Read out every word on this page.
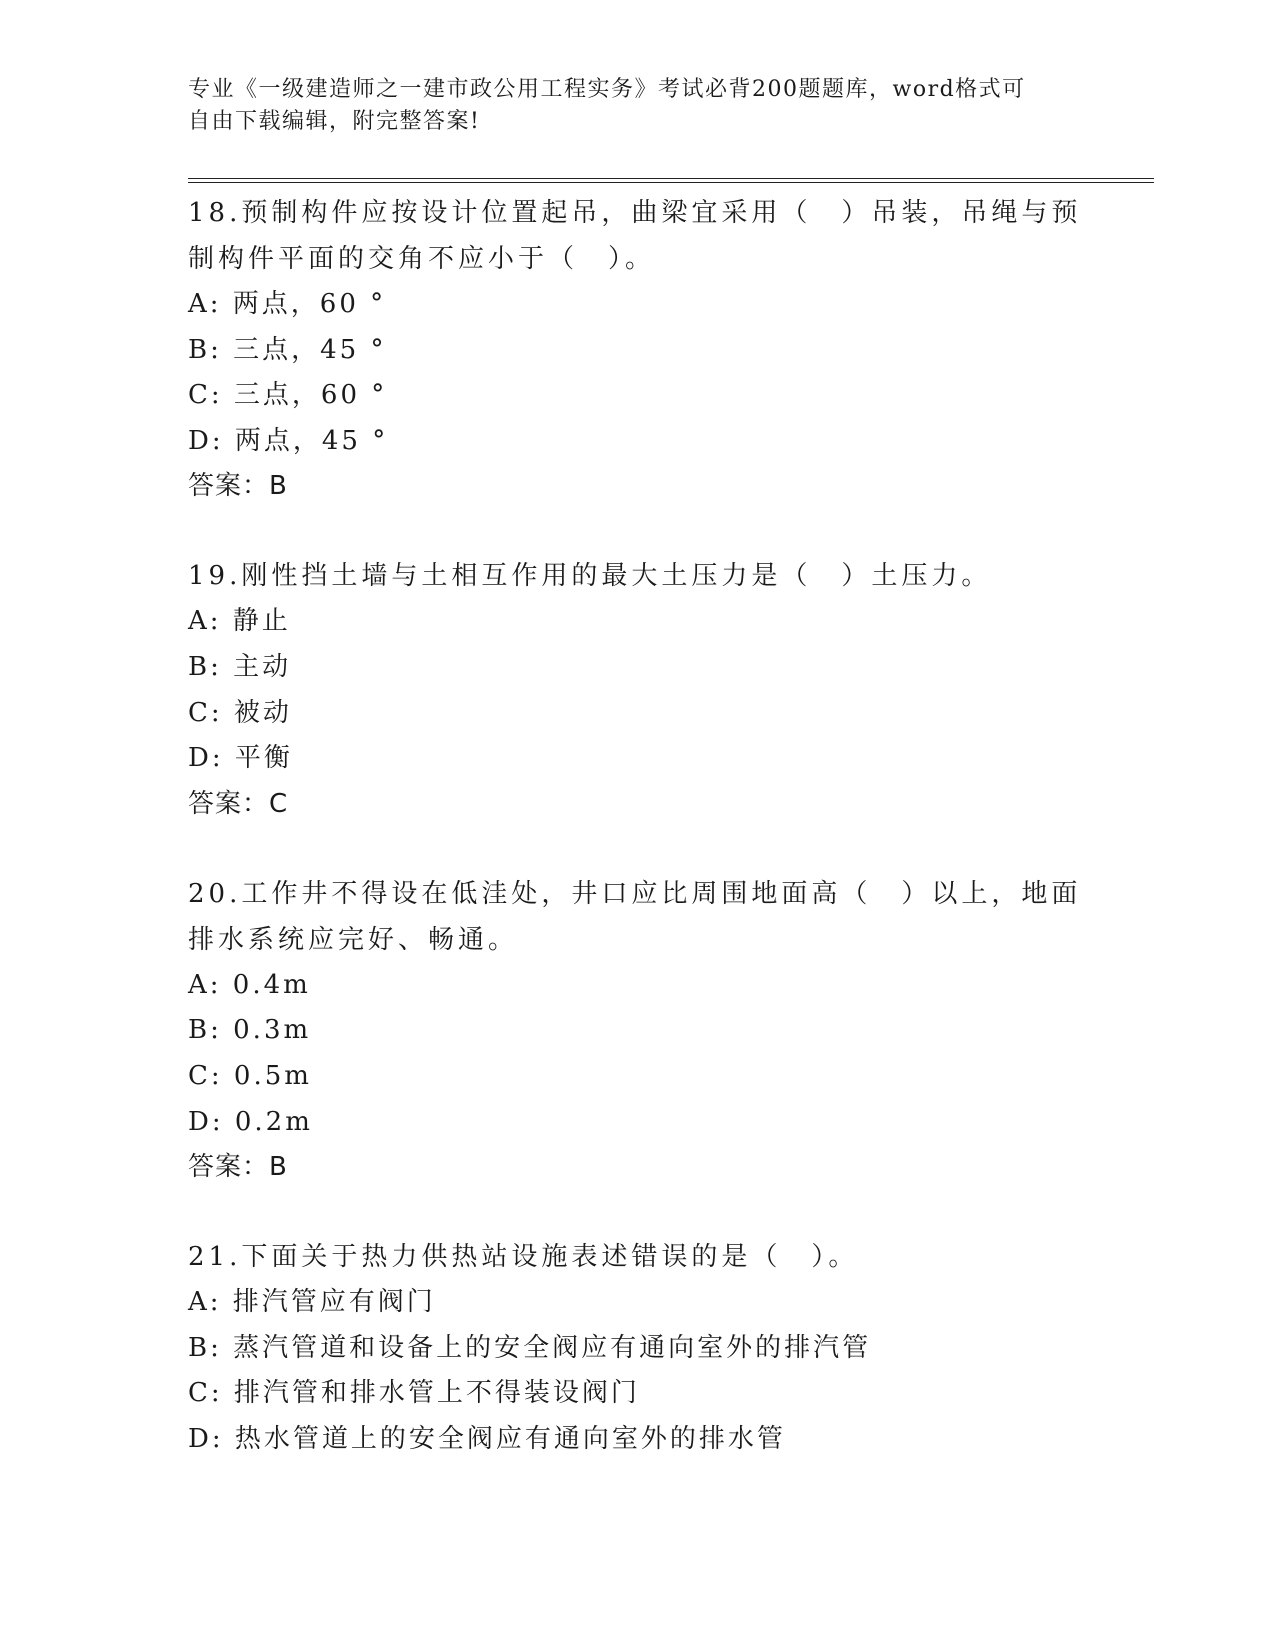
专业《一级建造师之一建市政公用工程实务》考试必背200题题库，word格式可
自由下载编辑，附完整答案!

18.预制构件应按设计位置起吊，曲梁宜采用（　）吊装，吊绳与预制构件平面的交角不应小于（　）。

A: 两点，60 °

B: 三点，45 °

C: 三点，60 °

D: 两点，45 °

答案：B

19.刚性挡土墙与土相互作用的最大土压力是（　）土压力。

A: 静止

B: 主动

C: 被动

D: 平衡

答案：C

20.工作井不得设在低洼处，井口应比周围地面高（　）以上，地面排水系统应完好、畅通。

A: 0.4m

B: 0.3m

C: 0.5m

D: 0.2m

答案：B

21.下面关于热力供热站设施表述错误的是（　）。

A: 排汽管应有阀门

B: 蒸汽管道和设备上的安全阀应有通向室外的排汽管

C: 排汽管和排水管上不得装设阀门

D: 热水管道上的安全阀应有通向室外的排水管
